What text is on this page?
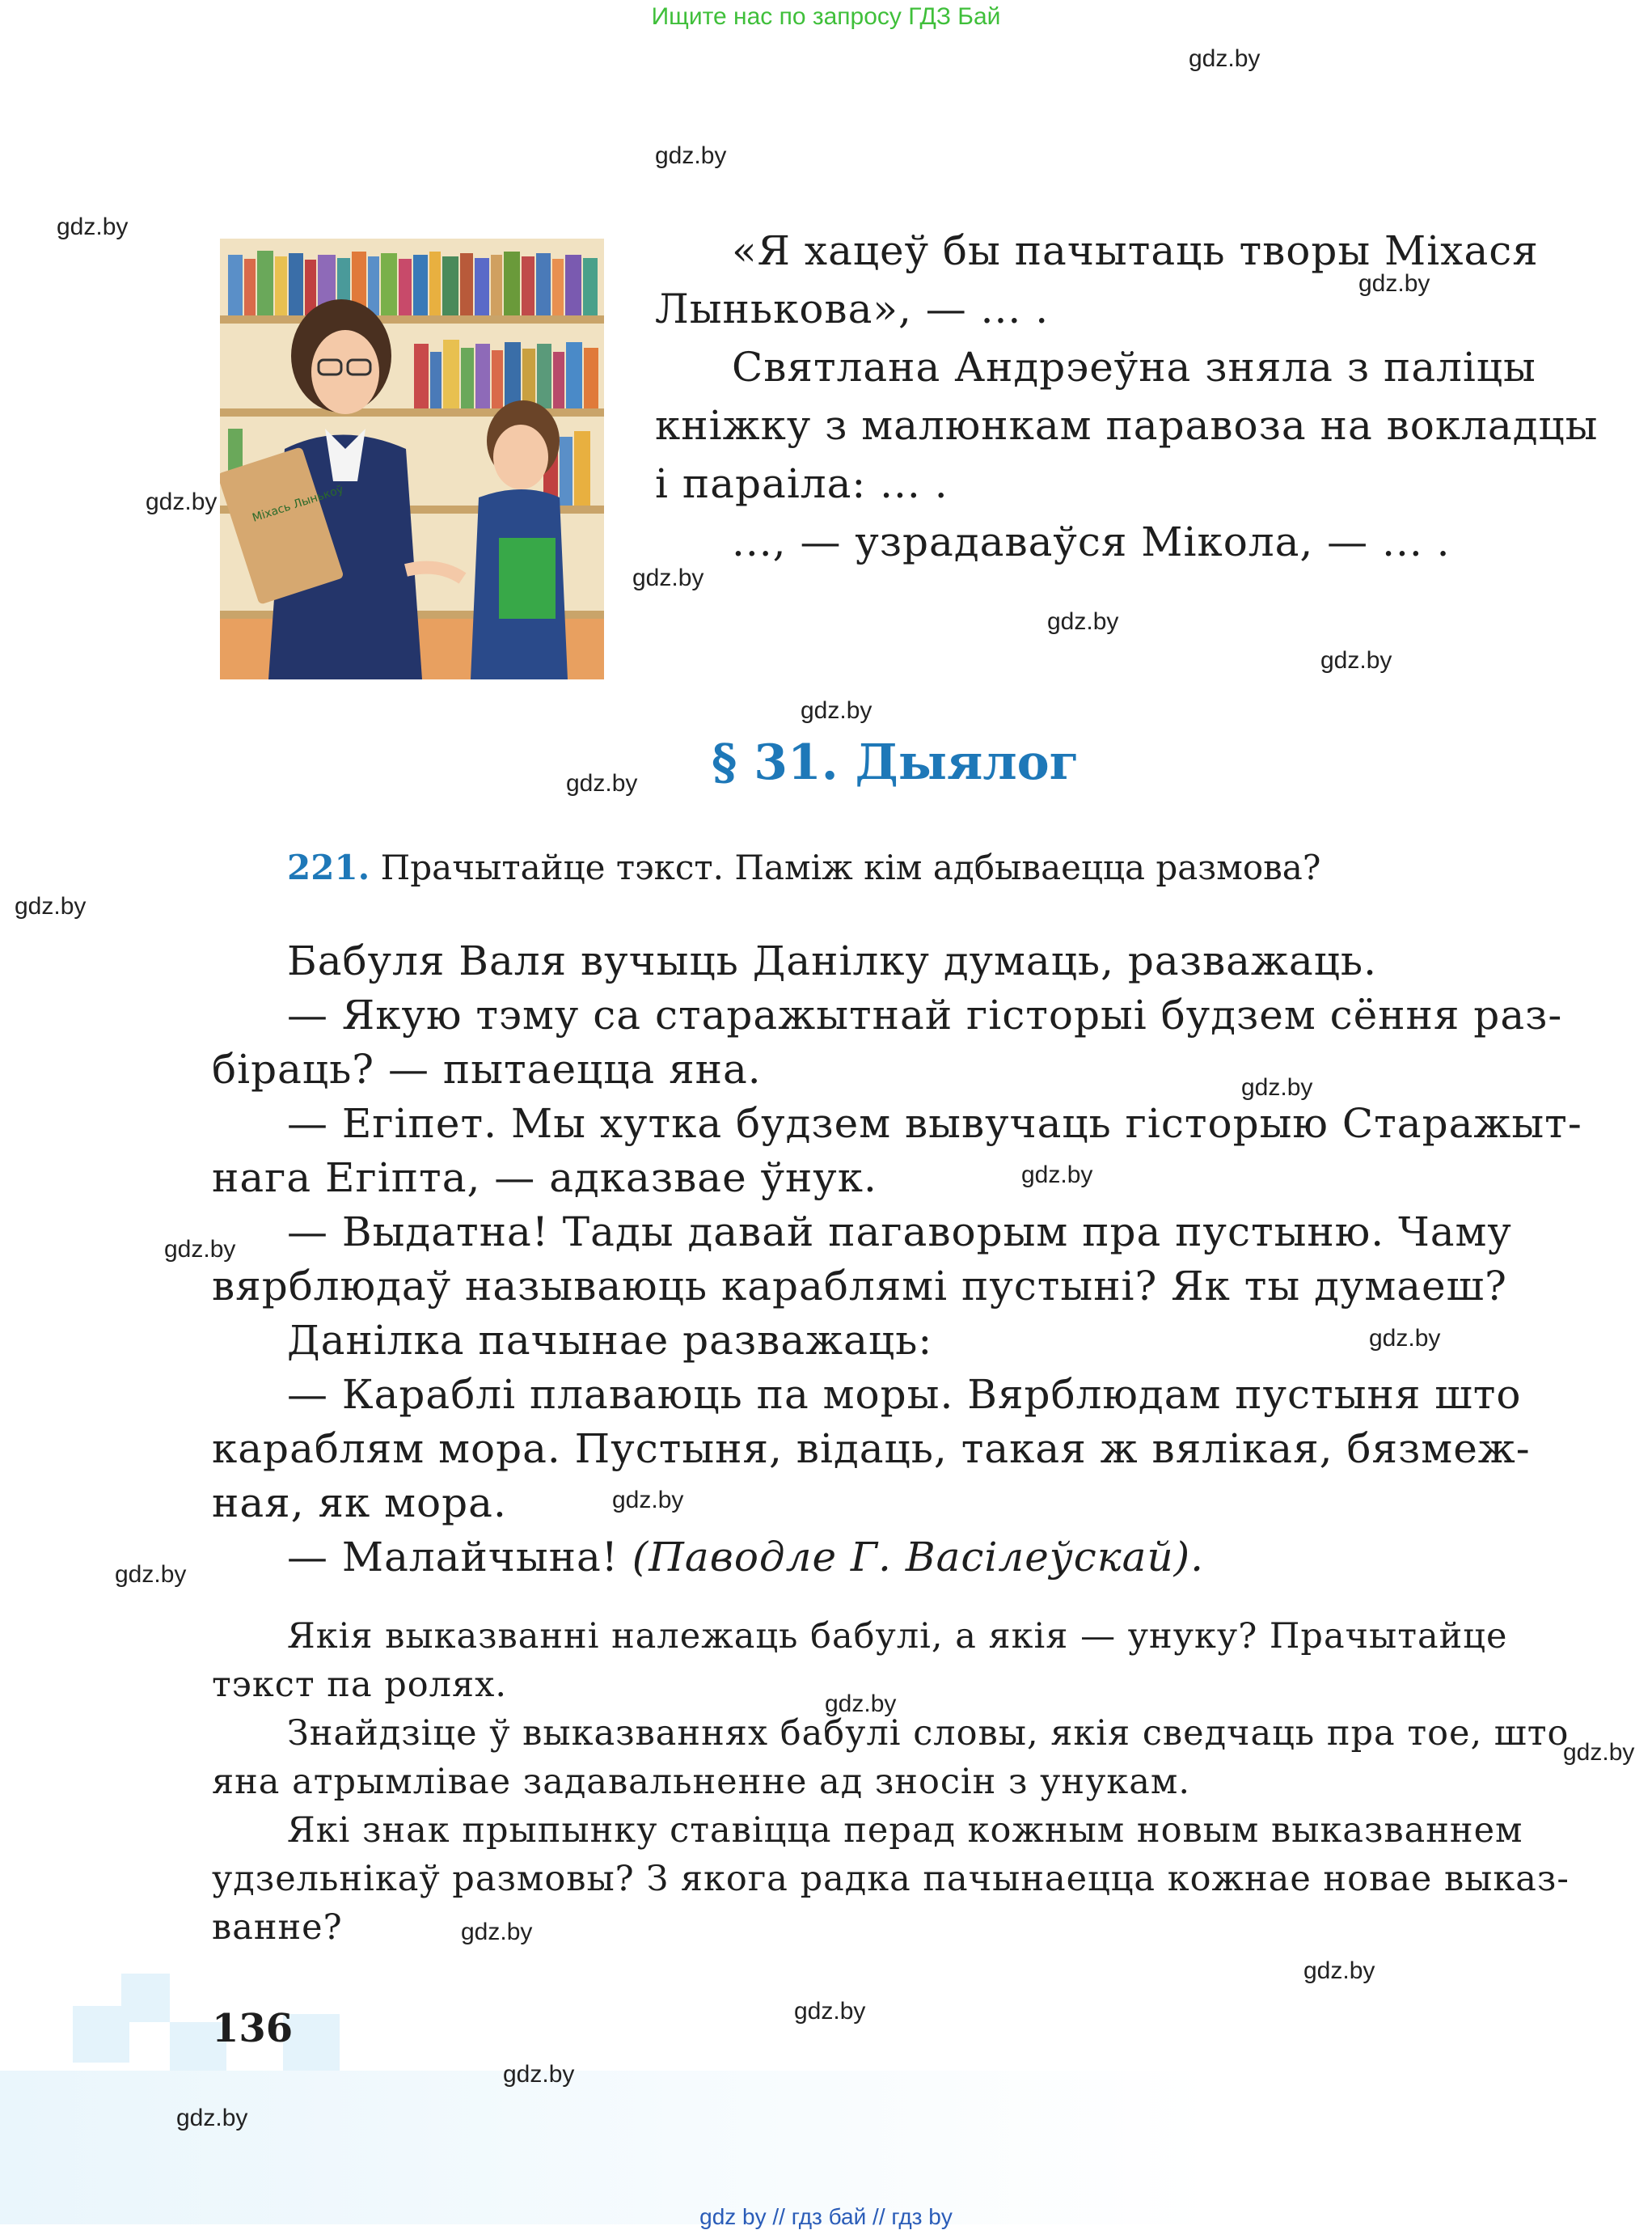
Ищите нас по запросу ГДЗ Бай
Міхась Лынькоў
«Я хацеў бы пачытаць творы Міхася
Лынькова», — ... .
Святлана Андрэеўна зняла з паліцы
кніжку з малюнкам паравоза на вокладцы
і параіла: ... .
..., — узрадаваўся Мікола, — ... .
§ 31. Дыялог
221. Прачытайце тэкст. Паміж кім адбываецца размова?
Бабуля Валя вучыць Данілку думаць, разважаць.
— Якую тэму са старажытнай гісторыі будзем сёння раз-
біраць? — пытаецца яна.
— Егіпет. Мы хутка будзем вывучаць гісторыю Старажыт-
нага Егіпта, — адказвае ўнук.
— Выдатна! Тады давай пагаворым пра пустыню. Чаму
вярблюдаў называюць караблямі пустыні? Як ты думаеш?
Данілка пачынае разважаць:
— Караблі плаваюць па моры. Вярблюдам пустыня што
караблям мора. Пустыня, відаць, такая ж вялікая, бязмеж-
ная, як мора.
— Малайчына! (Паводле Г. Васілеўскай).
Якія выказванні належаць бабулі, а якія — унуку? Прачытайце
тэкст па ролях.
Знайдзіце ў выказваннях бабулі словы, якія сведчаць пра тое, што
яна атрымлівае задавальненне ад зносін з унукам.
Які знак прыпынку ставіцца перад кожным новым выказваннем
удзельнікаў размовы? З якога радка пачынаецца кожнае новае выказ-
ванне?
136
gdz.by
gdz.by
gdz.by
gdz.by
gdz.by
gdz.by
gdz.by
gdz.by
gdz.by
gdz.by
gdz.by
gdz.by
gdz.by
gdz.by
gdz.by
gdz.by
gdz.by
gdz.by
gdz.by
gdz.by
gdz.by
gdz.by
gdz.by
gdz.by
gdz by // гдз бай // гдз by
